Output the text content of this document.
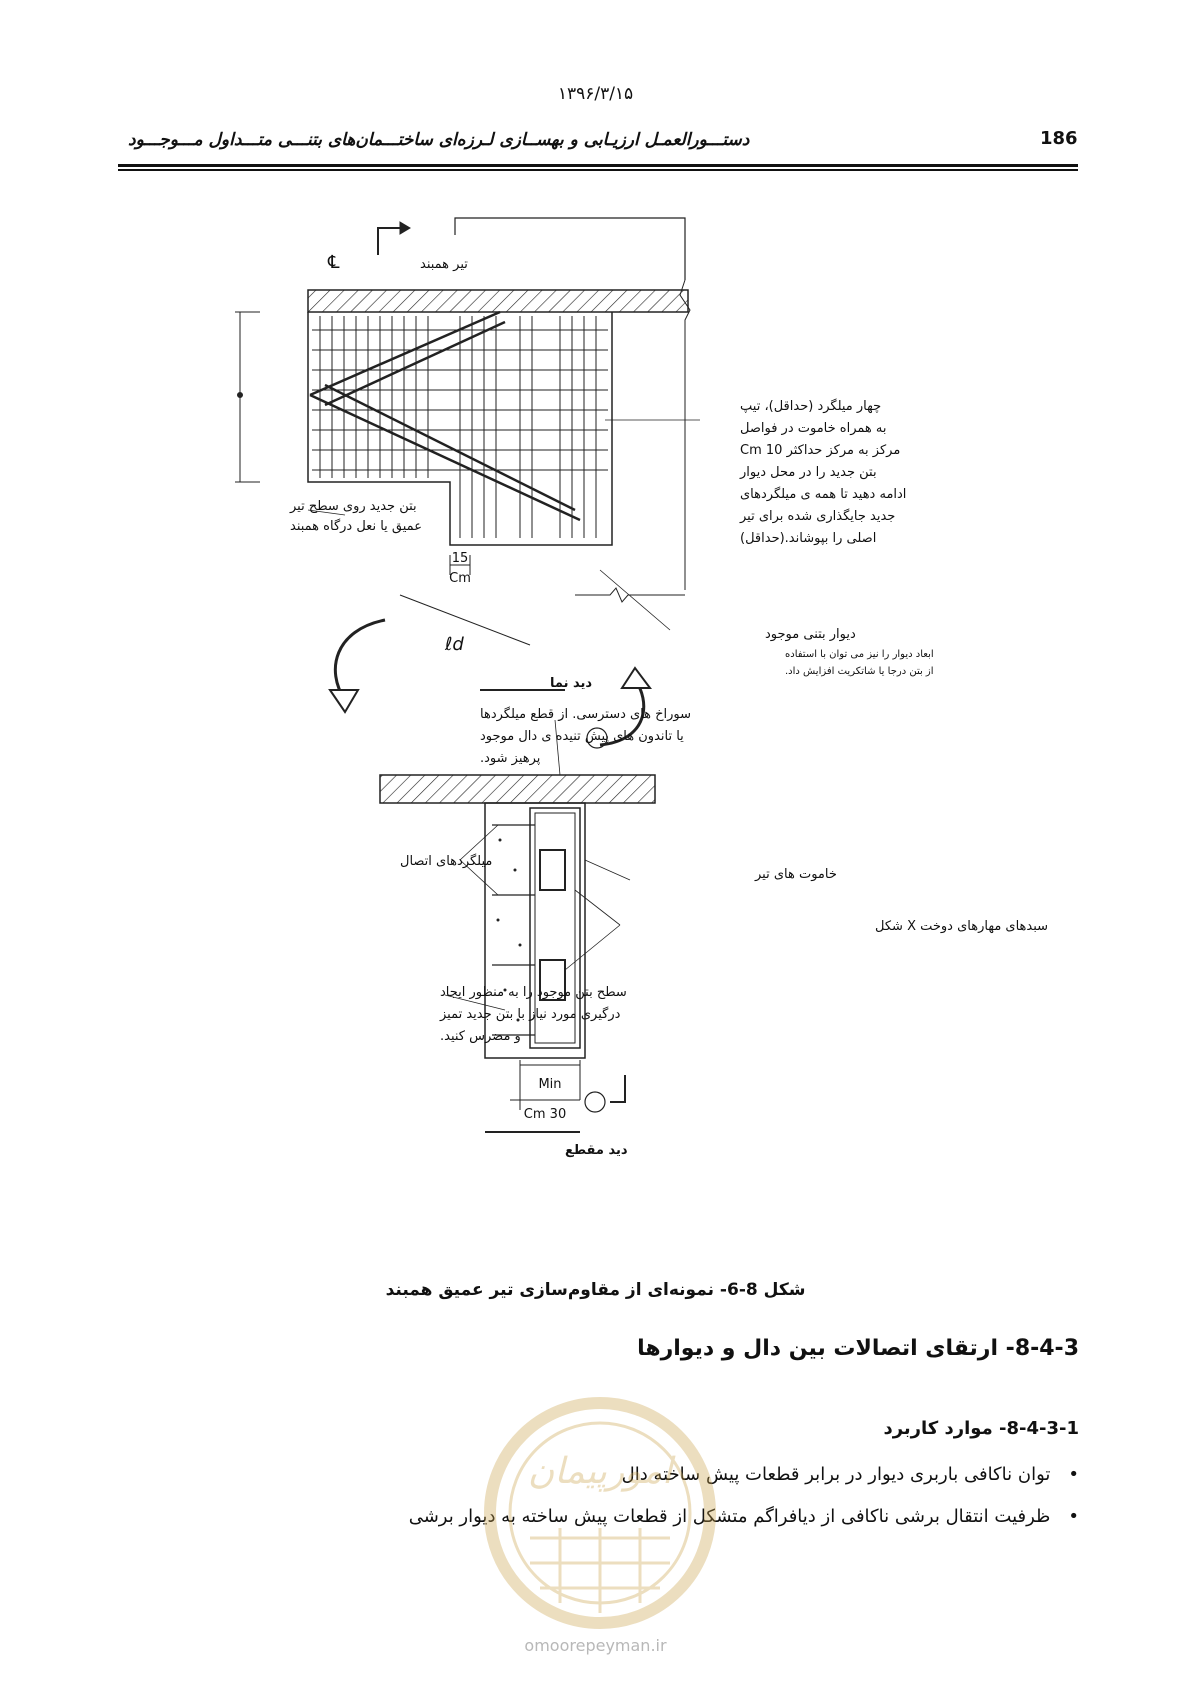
۱۳۹۶/۳/۱۵
دستـــورالعمـل ارزیـابی و بهســازی لـرزه‌ای ساختـــمان‌های بتنـــی متـــداول مـــوجـــود	186
تیر همبند
℄
چهار میلگرد (حداقل)، تیپ
به همراه خاموت در فواصل
مرکز به مرکز حداکثر 10 Cm
بتن جدید را در محل دیوار
ادامه دهید تا همه ی میلگردهای
جدید جایگذاری شده برای تیر
اصلی را بپوشاند.(حداقل)
بتن جدید روی سطح تیر
عمیق یا نعل درگاه همبند
15
Cm
ℓd	دیوار بتنی موجود
ابعاد دیوار را نیز می توان با استفاده
از بتن درجا یا شاتکریت افزایش داد.
دید نما
سوراخ های دسترسی. از قطع میلگردها
یا تاندون های پیش تنیده ی دال موجود
پرهیز شود.
میلگردهای اتصال
خاموت های تیر
سبدهای مهارهای دوخت X شکل
سطح بتن موجود را به منظور ایجاد
درگیری مورد نیاز با بتن جدید تمیز
و مضرس کنید.
Min
30 Cm
دید مقطع
شکل 8-6- نمونه‌ای از مقاوم‌سازی تیر عمیق همبند
8-4-3- ارتقای اتصالات بین دال و دیوارها
8-4-3-1- موارد کاربرد
•توان ناکافی باربری دیوار در برابر قطعات پیش ساخته دال
•ظرفیت انتقال برشی ناکافی از دیافراگم متشکل از قطعات پیش ساخته به دیوار برشی
امورپیمان
omoorepeyman.ir
